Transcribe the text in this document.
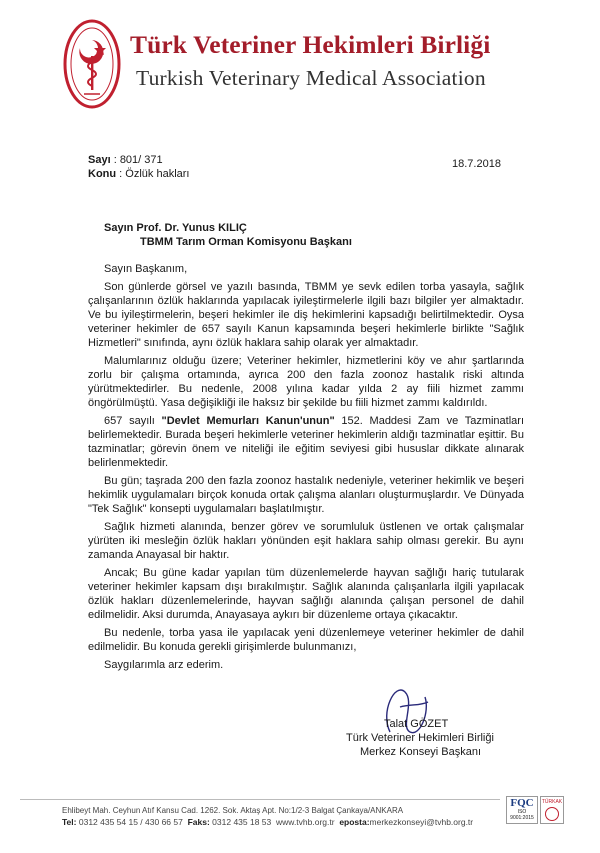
Türk Veteriner Hekimleri Birliği
Turkish Veterinary Medical Association
Sayı : 801/ 371
Konu : Özlük hakları
18.7.2018
Sayın Prof. Dr. Yunus KILIÇ
TBMM Tarım Orman Komisyonu Başkanı

Sayın Başkanım,

Son günlerde görsel ve yazılı basında, TBMM ye sevk edilen torba yasayla, sağlık çalışanlarının özlük haklarında yapılacak iyileştirmelerle ilgili bazı bilgiler yer almaktadır. Ve bu iyileştirmelerin, beşeri hekimler ile diş hekimlerini kapsadığı belirtilmektedir. Oysa veteriner hekimler de 657 sayılı Kanun kapsamında beşeri hekimlerle birlikte "Sağlık Hizmetleri" sınıfında, aynı özlük haklara sahip olarak yer almaktadır.

Malumlarınız olduğu üzere; Veteriner hekimler, hizmetlerini köy ve ahır şartlarında zorlu bir çalışma ortamında, ayrıca 200 den fazla zoonoz hastalık riski altında yürütmektedirler. Bu nedenle, 2008 yılına kadar yılda 2 ay fiili hizmet zammı öngörülmüştü. Yasa değişikliği ile haksız bir şekilde bu fiili hizmet zammı kaldırıldı.

657 sayılı "Devlet Memurları Kanun'unun" 152. Maddesi Zam ve Tazminatları belirlemektedir. Burada beşeri hekimlerle veteriner hekimlerin aldığı tazminatlar eşittir. Bu tazminatlar; görevin önem ve niteliği ile eğitim seviyesi gibi hususlar dikkate alınarak belirlenmektedir.

Bu gün; taşrada 200 den fazla zoonoz hastalık nedeniyle, veteriner hekimlik ve beşeri hekimlik uygulamaları birçok konuda ortak çalışma alanları oluşturmuşlardır. Ve Dünyada "Tek Sağlık" konsepti uygulamaları başlatılmıştır.

Sağlık hizmeti alanında, benzer görev ve sorumluluk üstlenen ve ortak çalışmalar yürüten iki mesleğin özlük hakları yönünden eşit haklara sahip olması gerekir. Bu aynı zamanda Anayasal bir haktır.

Ancak; Bu güne kadar yapılan tüm düzenlemelerde hayvan sağlığı hariç tutularak veteriner hekimler kapsam dışı bırakılmıştır. Sağlık alanında çalışanlarla ilgili yapılacak özlük hakları düzenlemelerinde, hayvan sağlığı alanında çalışan personel de dahil edilmelidir. Aksi durumda, Anayasaya aykırı bir düzenleme ortaya çıkacaktır.

Bu nedenle, torba yasa ile yapılacak yeni düzenlemeye veteriner hekimler de dahil edilmelidir. Bu konuda gerekli girişimlerde bulunmanızı,

Saygılarımla arz ederim.

Talat GÖZET
Türk Veteriner Hekimleri Birliği
Merkez Konseyi Başkanı
Ehlibeyt Mah. Ceyhun Atıf Kansu Cad. 1262. Sok. Aktaş Apt. No:1/2-3 Balgat Çankaya/ANKARA
Tel: 0312 435 54 15 / 430 66 57 Faks: 0312 435 18 53 www.tvhb.org.tr eposta:merkezkonseyi@tvhb.org.tr
FQC
ISO 9001:2015
TÜRKAK
